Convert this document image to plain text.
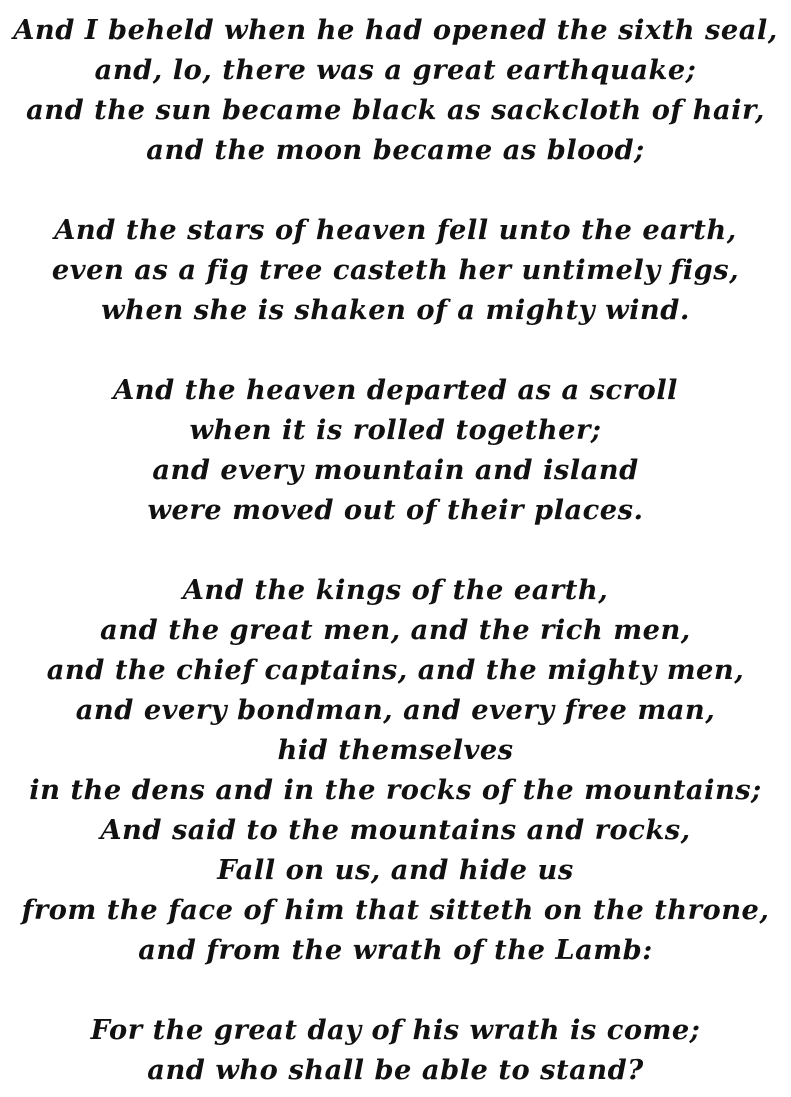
And I beheld when he had opened the sixth seal,
and, lo, there was a great earthquake;
and the sun became black as sackcloth of hair,
and the moon became as blood;
And the stars of heaven fell unto the earth,
even as a fig tree casteth her untimely figs,
when she is shaken of a mighty wind.
And the heaven departed as a scroll
when it is rolled together;
and every mountain and island
were moved out of their places.
And the kings of the earth,
and the great men, and the rich men,
and the chief captains, and the mighty men,
and every bondman, and every free man,
hid themselves
in the dens and in the rocks of the mountains;
And said to the mountains and rocks,
Fall on us, and hide us
from the face of him that sitteth on the throne,
and from the wrath of the Lamb:
For the great day of his wrath is come;
and who shall be able to stand?
